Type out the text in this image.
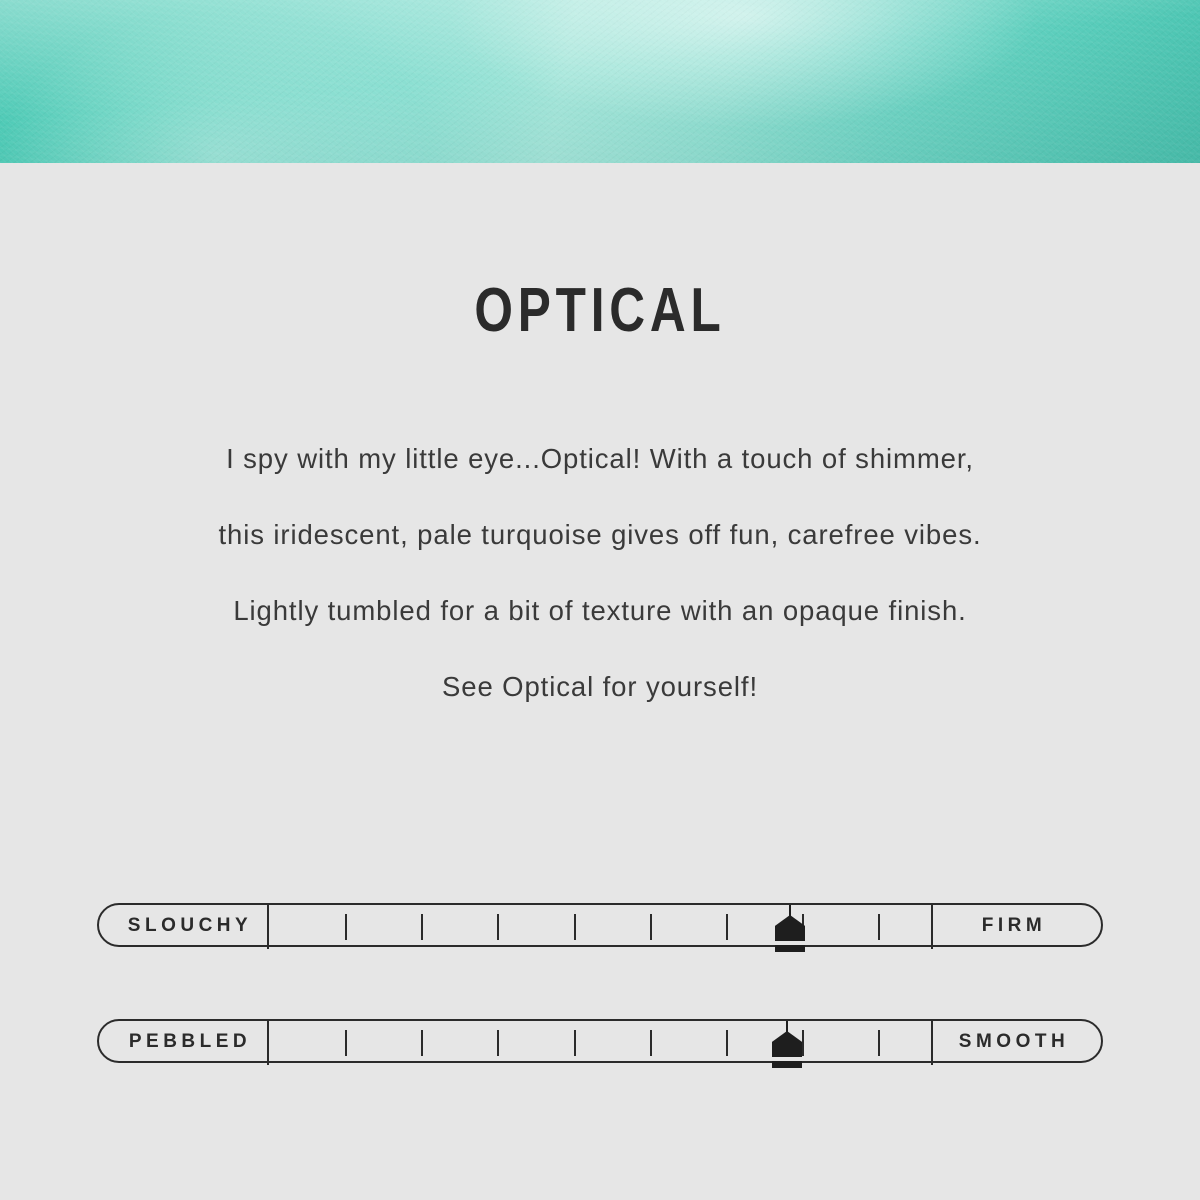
OPTICAL
I spy with my little eye...Optical! With a touch of shimmer,
this iridescent, pale turquoise gives off fun, carefree vibes.
Lightly tumbled for a bit of texture with an opaque finish.
See Optical for yourself!
SLOUCHY	FIRM
PEBBLED	SMOOTH
